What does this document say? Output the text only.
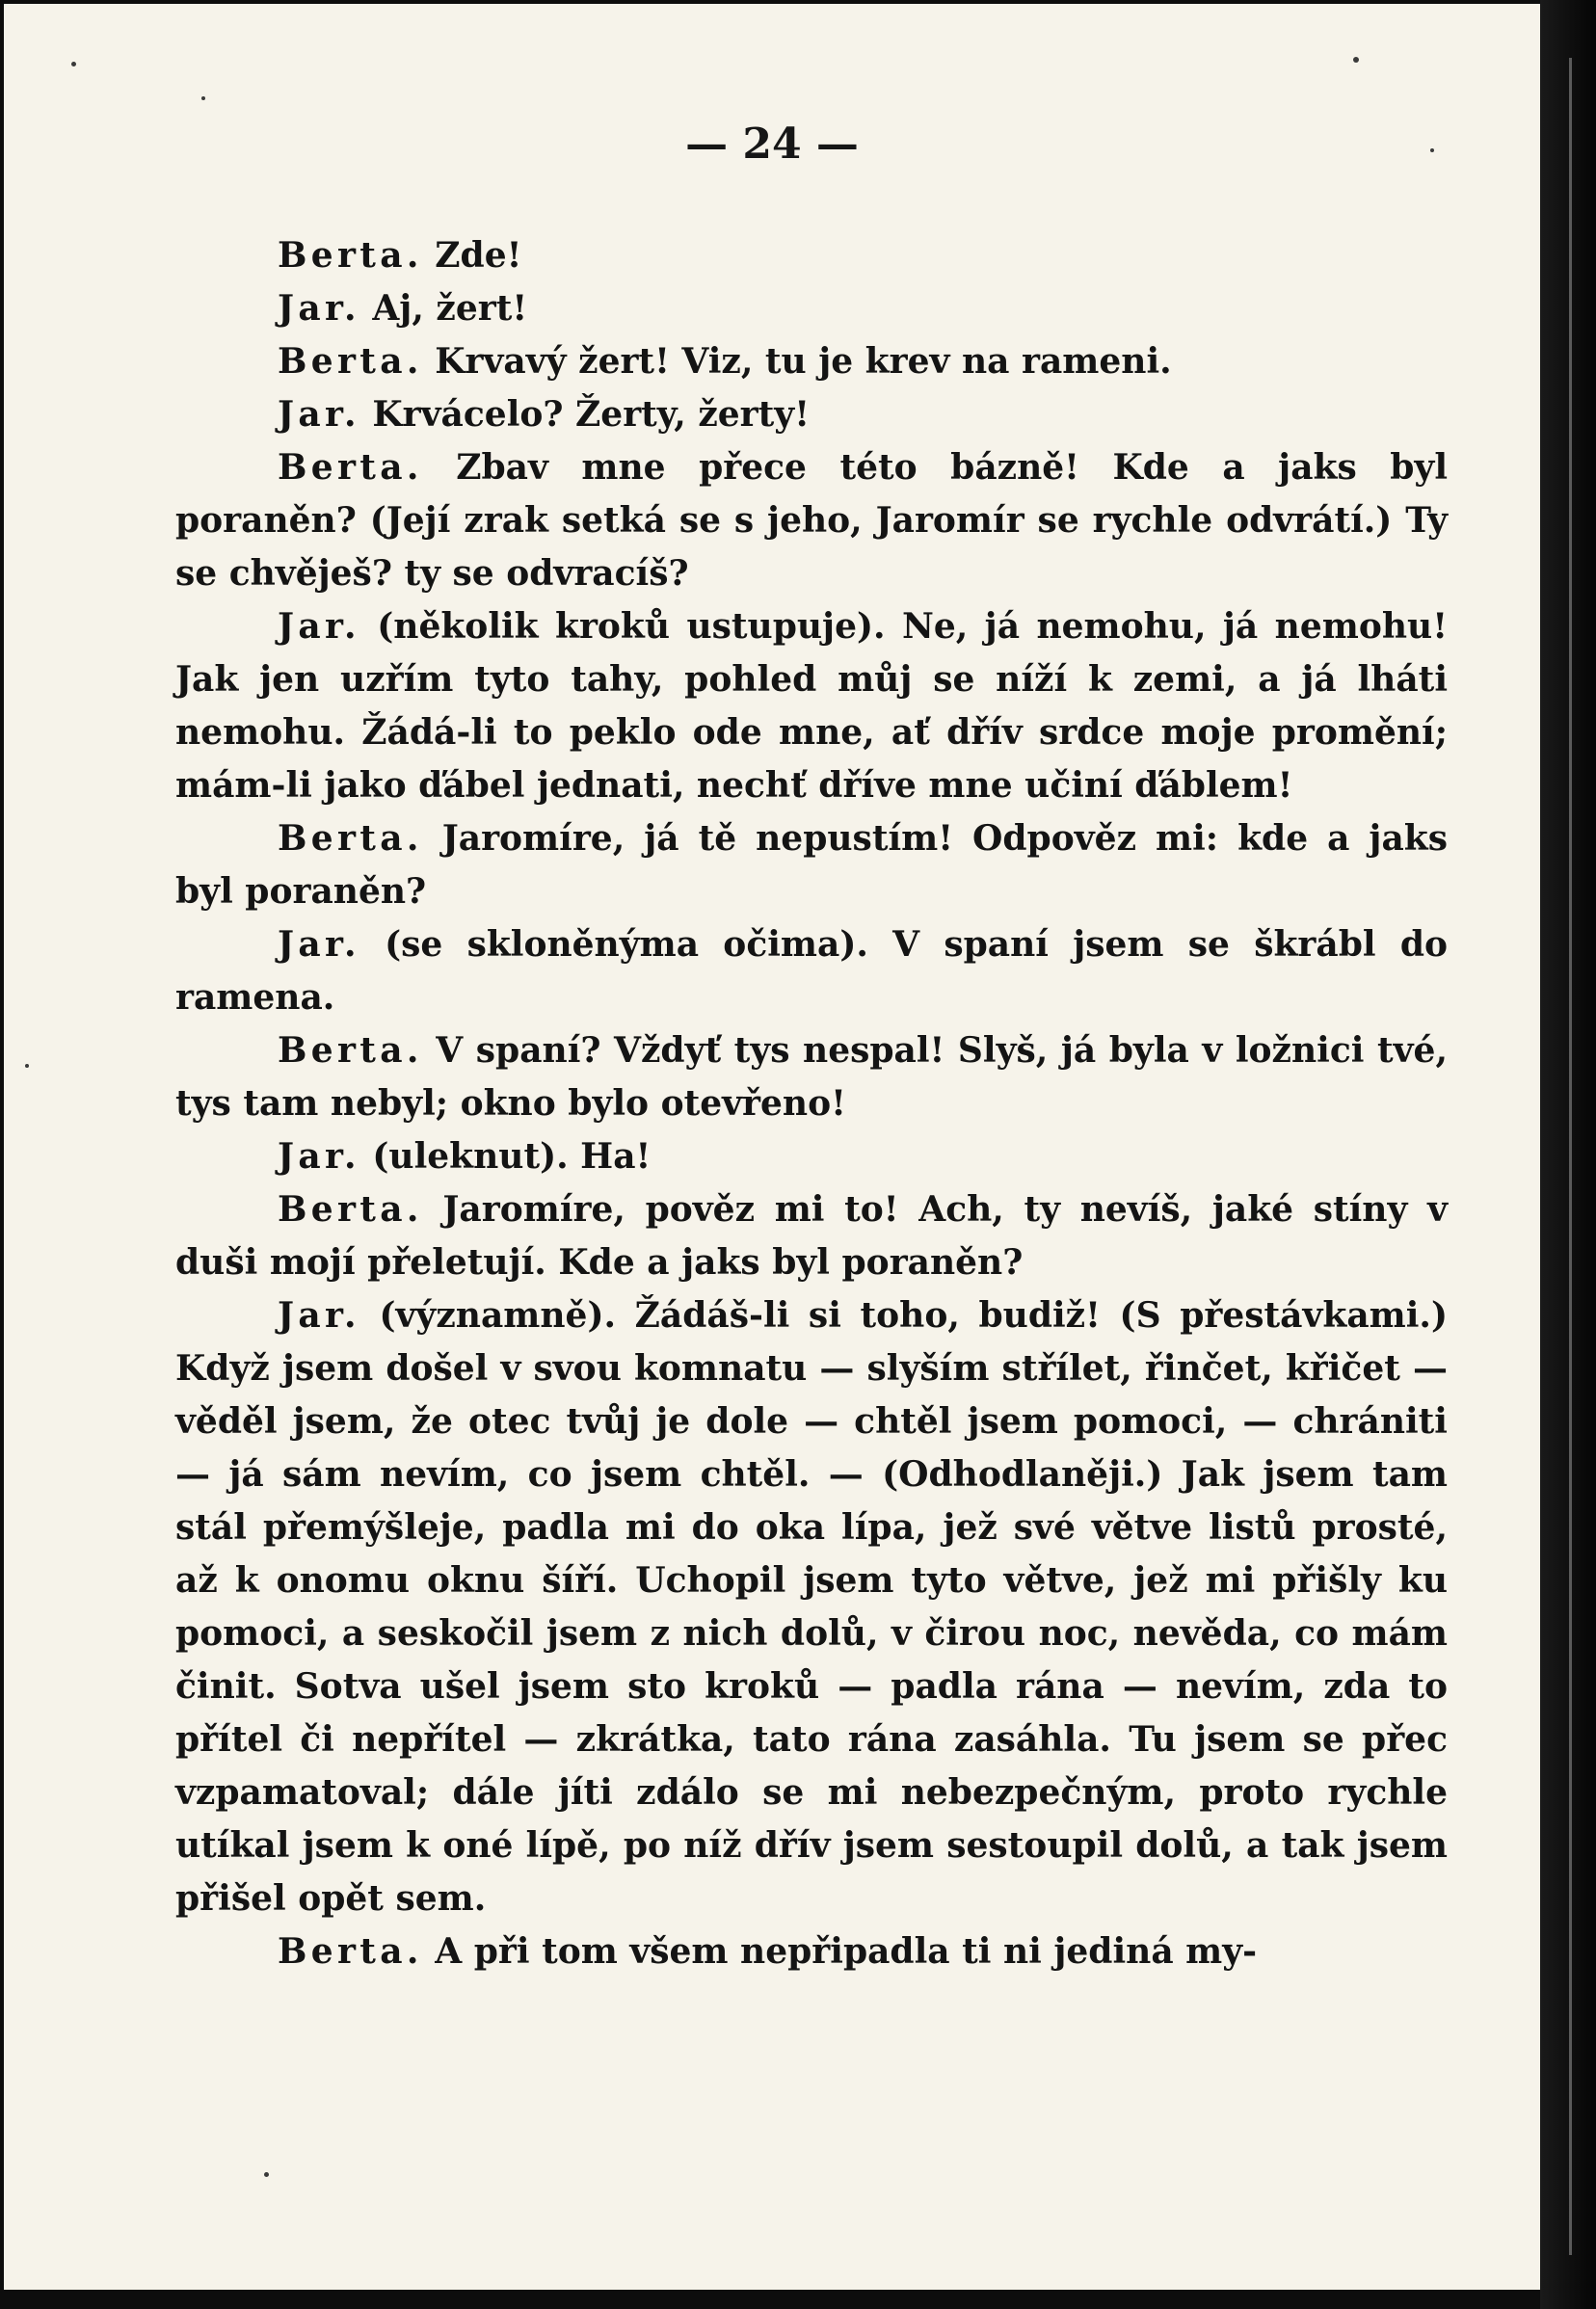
— 24 —

Berta. Zde!

Jar. Aj, žert!

Berta. Krvavý žert! Viz, tu je krev na rameni.

Jar. Krvácelo? Žerty, žerty!

Berta. Zbav mne přece této bázně! Kde a jaks byl poraněn? (Její zrak setká se s jeho, Jaromír se rychle odvrátí.) Ty se chvěješ? ty se odvracíš?

Jar. (několik kroků ustupuje). Ne, já nemohu, já nemohu! Jak jen uzřím tyto tahy, pohled můj se níží k zemi, a já lháti nemohu. Žádá-li to peklo ode mne, ať dřív srdce moje promění; mám-li jako ďábel jednati, nechť dříve mne učiní ďáblem!

Berta. Jaromíre, já tě nepustím! Odpověz mi: kde a jaks byl poraněn?

Jar. (se skloněnýma očima). V spaní jsem se škrábl do ramena.

Berta. V spaní? Vždyť tys nespal! Slyš, já byla v ložnici tvé, tys tam nebyl; okno bylo otevřeno!

Jar. (uleknut). Ha!

Berta. Jaromíre, pověz mi to! Ach, ty nevíš, jaké stíny v duši mojí přeletují. Kde a jaks byl poraněn?

Jar. (významně). Žádáš-li si toho, budiž! (S přestávkami.) Když jsem došel v svou komnatu — slyším střílet, řinčet, křičet — věděl jsem, že otec tvůj je dole — chtěl jsem pomoci, — chrániti — já sám nevím, co jsem chtěl. — (Odhodlaněji.) Jak jsem tam stál přemýšleje, padla mi do oka lípa, jež své větve listů prosté, až k onomu oknu šíří. Uchopil jsem tyto větve, jež mi přišly ku pomoci, a seskočil jsem z nich dolů, v čirou noc, nevěda, co mám činit. Sotva ušel jsem sto kroků — padla rána — nevím, zda to přítel či nepřítel — zkrátka, tato rána zasáhla. Tu jsem se přec vzpamatoval; dále jíti zdálo se mi nebezpečným, proto rychle utíkal jsem k oné lípě, po níž dřív jsem sestoupil dolů, a tak jsem přišel opět sem.

Berta. A při tom všem nepřipadla ti ni jediná my-
